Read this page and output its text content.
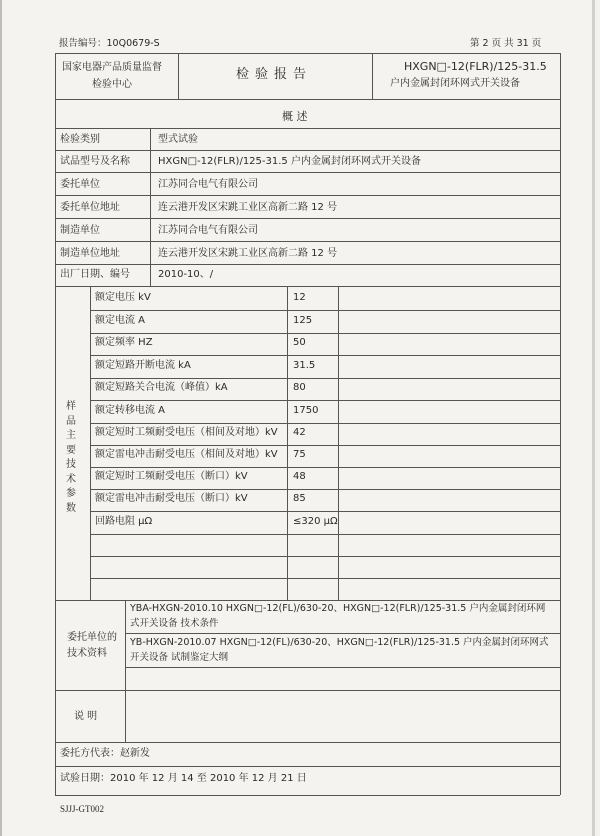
报告编号：10Q0679-S	第 2 页 共 31 页
国家电器产品质量监督
检验中心
检验报告
HXGN□-12(FLR)/125-31.5
户内金属封闭环网式开关设备
概 述
检验类别	型式试验
试品型号及名称	HXGN□-12(FLR)/125-31.5 户内金属封闭环网式开关设备
委托单位	江苏同合电气有限公司
委托单位地址	连云港开发区宋跳工业区高新二路 12 号
制造单位	江苏同合电气有限公司
制造单位地址	连云港开发区宋跳工业区高新二路 12 号
出厂日期、编号	2010-10、/
样品主要技术参数
额定电压 kV	12
额定电流 A	125
额定频率 HZ	50
额定短路开断电流 kA	31.5
额定短路关合电流（峰值）kA	80
额定转移电流 A	1750
额定短时工频耐受电压（相间及对地）kV 42
额定雷电冲击耐受电压（相间及对地）kV 75
额定短时工频耐受电压（断口）kV	48
额定雷电冲击耐受电压（断口）kV	85
回路电阻 μΩ	≤320 μΩ
委托单位的
技术资料
YBA-HXGN-2010.10 HXGN□-12(FL)/630-20、HXGN□-12(FLR)/125-31.5 户内金属封闭环网
式开关设备 技术条件
YB-HXGN-2010.07 HXGN□-12(FL)/630-20、HXGN□-12(FLR)/125-31.5 户内金属封闭环网式
开关设备 试制鉴定大纲
说 明
委托方代表：赵新发
试验日期：2010 年 12 月 14 至 2010 年 12 月 21 日
SJJJ-GT002
